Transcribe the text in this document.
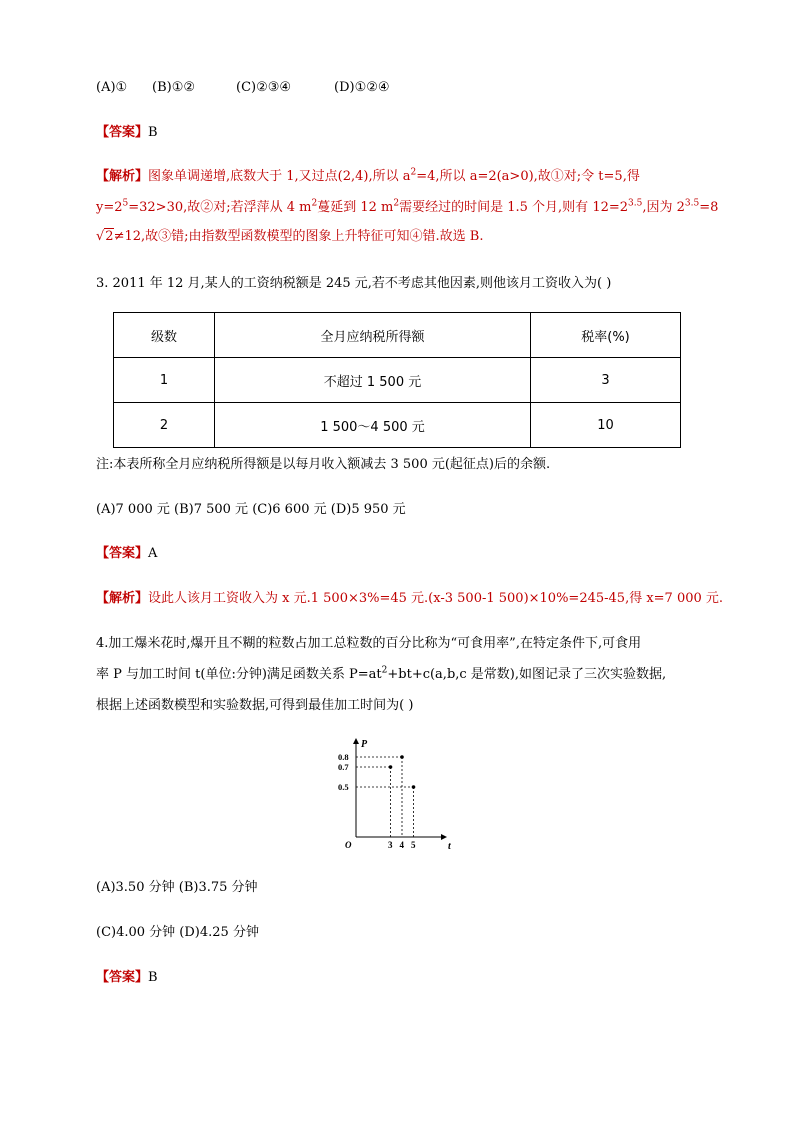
(A)① (B)①②	(C)②③④	(D)①②④
【答案】B
【解析】图象单调递增,底数大于 1,又过点(2,4),所以 $a^2=4$,所以 a=2(a>0),故①对;令 t=5,得
$y=2^5=32>30$,故②对;若浮萍从 4 $m^2$蔓延到 12 $m^2$需要经过的时间是 1.5 个月,则有 $12=2^{3.5}$,因为 $2^{3.5}=8$
√2≠12,故③错;由指数型函数模型的图象上升特征可知④错.故选 B.
3. 2011 年 12 月,某人的工资纳税额是 245 元,若不考虑其他因素,则他该月工资收入为( )
级数	全月应纳税所得额	税率(%)
1	不超过 1 500 元	3
2	1 500～4 500 元	10
注:本表所称全月应纳税所得额是以每月收入额减去 3 500 元(起征点)后的余额.
(A)7 000 元 (B)7 500 元 (C)6 600 元 (D)5 950 元
【答案】A
【解析】设此人该月工资收入为 x 元.1 500×3%=45 元.(x-3 500-1 500)×10%=245-45,得 x=7 000 元.
4.加工爆米花时,爆开且不糊的粒数占加工总粒数的百分比称为“可食用率”,在特定条件下,可食用
率 P 与加工时间 t(单位:分钟)满足函数关系 $P=at^2+bt+c(a,b,c$ 是常数),如图记录了三次实验数据,
根据上述函数模型和实验数据,可得到最佳加工时间为( )
P
t
O	3 4 5
0.8
0.7
0.5
(A)3.50 分钟 (B)3.75 分钟
(C)4.00 分钟 (D)4.25 分钟
【答案】B
